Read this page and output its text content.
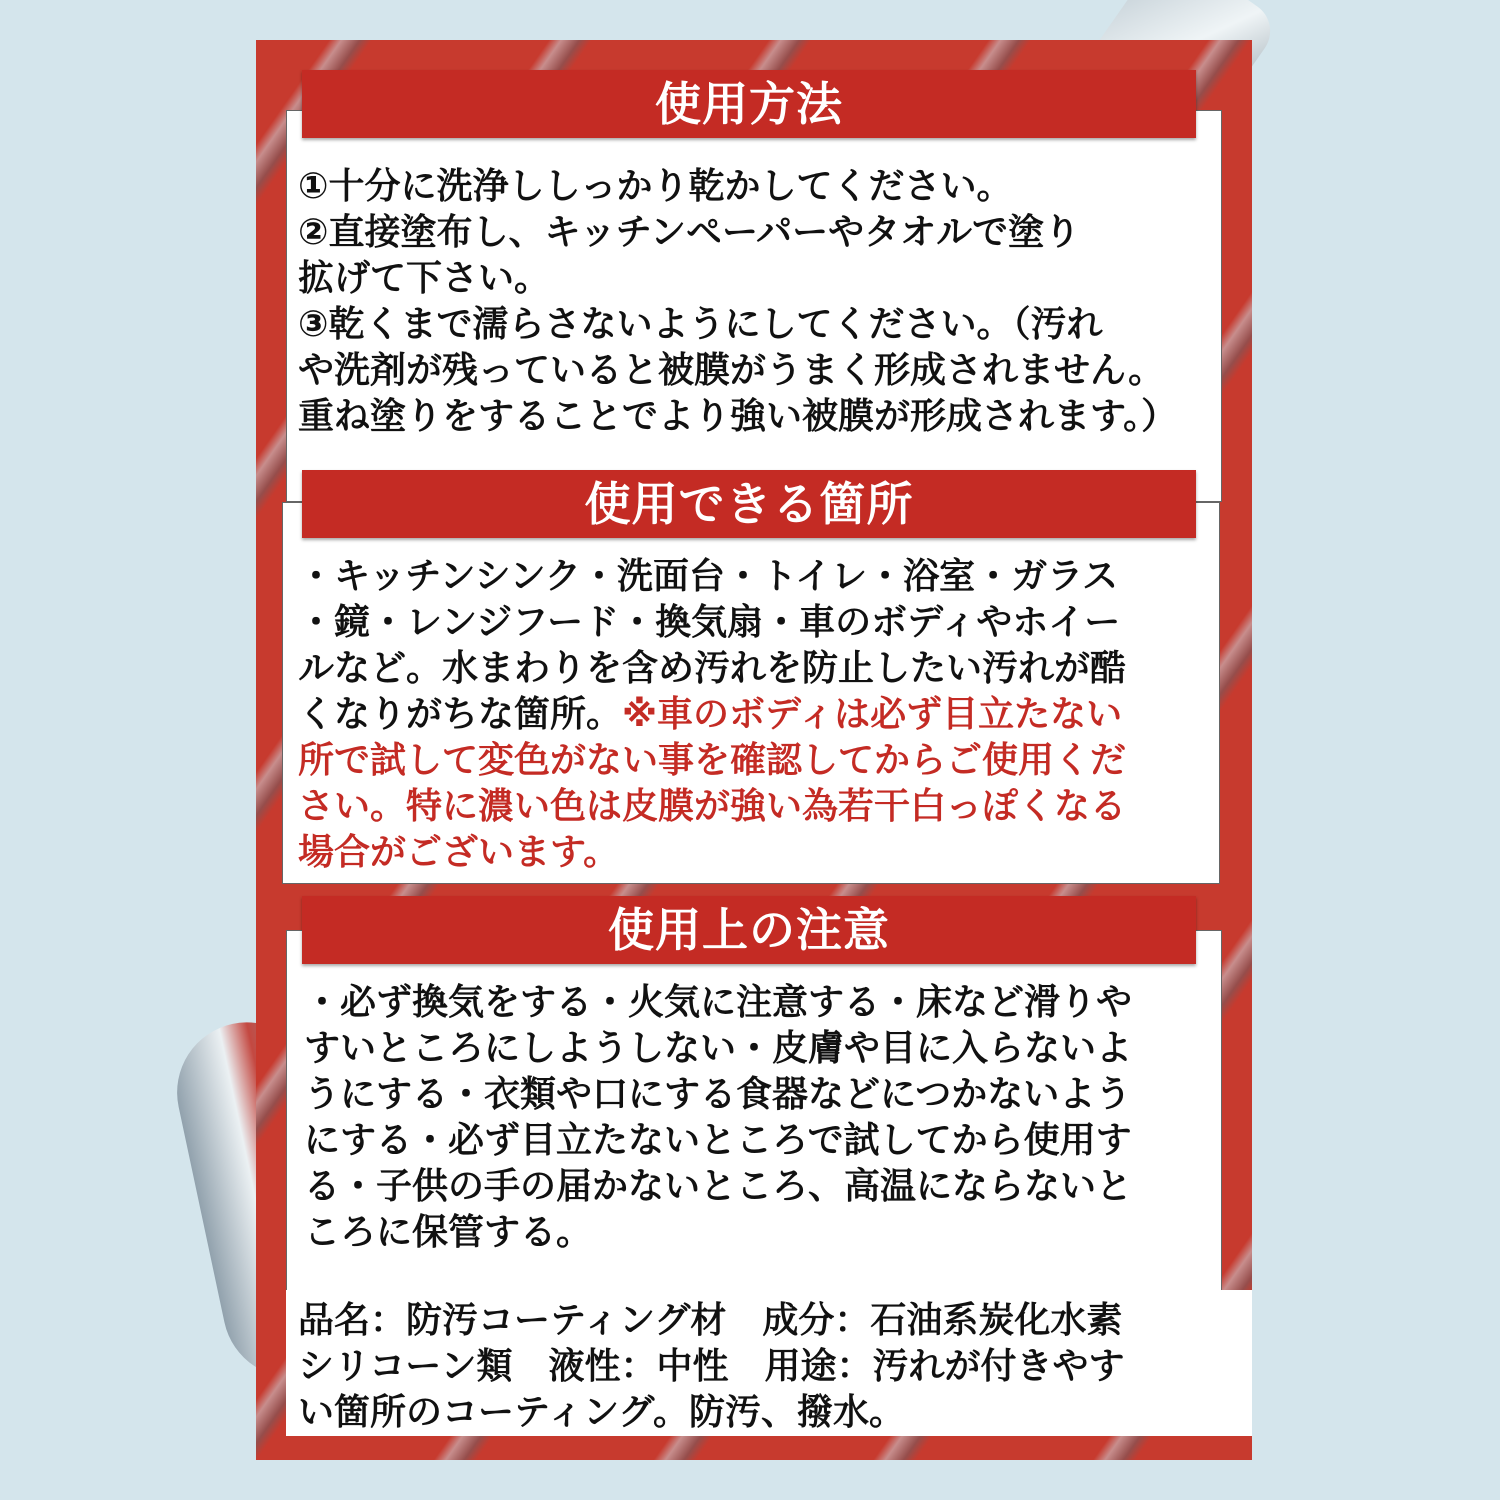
使用方法
①十分に洗浄ししっかり乾かしてください。
②直接塗布し、キッチンペーパーやタオルで塗り
拡げて下さい。
③乾くまで濡らさないようにしてください。（汚れ
や洗剤が残っていると被膜がうまく形成されません。
重ね塗りをすることでより強い被膜が形成されます。）
使用できる箇所
・キッチンシンク・洗面台・トイレ・浴室・ガラス
・鏡・レンジフード・換気扇・車のボディやホイー
ルなど。水まわりを含め汚れを防止したい汚れが酷
くなりがちな箇所。※車のボディは必ず目立たない
所で試して変色がない事を確認してからご使用くだ
さい。特に濃い色は皮膜が強い為若干白っぽくなる
場合がございます。
使用上の注意
・必ず換気をする・火気に注意する・床など滑りや
すいところにしようしない・皮膚や目に入らないよ
うにする・衣類や口にする食器などにつかないよう
にする・必ず目立たないところで試してから使用す
る・子供の手の届かないところ、高温にならないと
ころに保管する。
品名：防汚コーティング材　成分：石油系炭化水素
シリコーン類　液性：中性　用途：汚れが付きやす
い箇所のコーティング。防汚、撥水。
